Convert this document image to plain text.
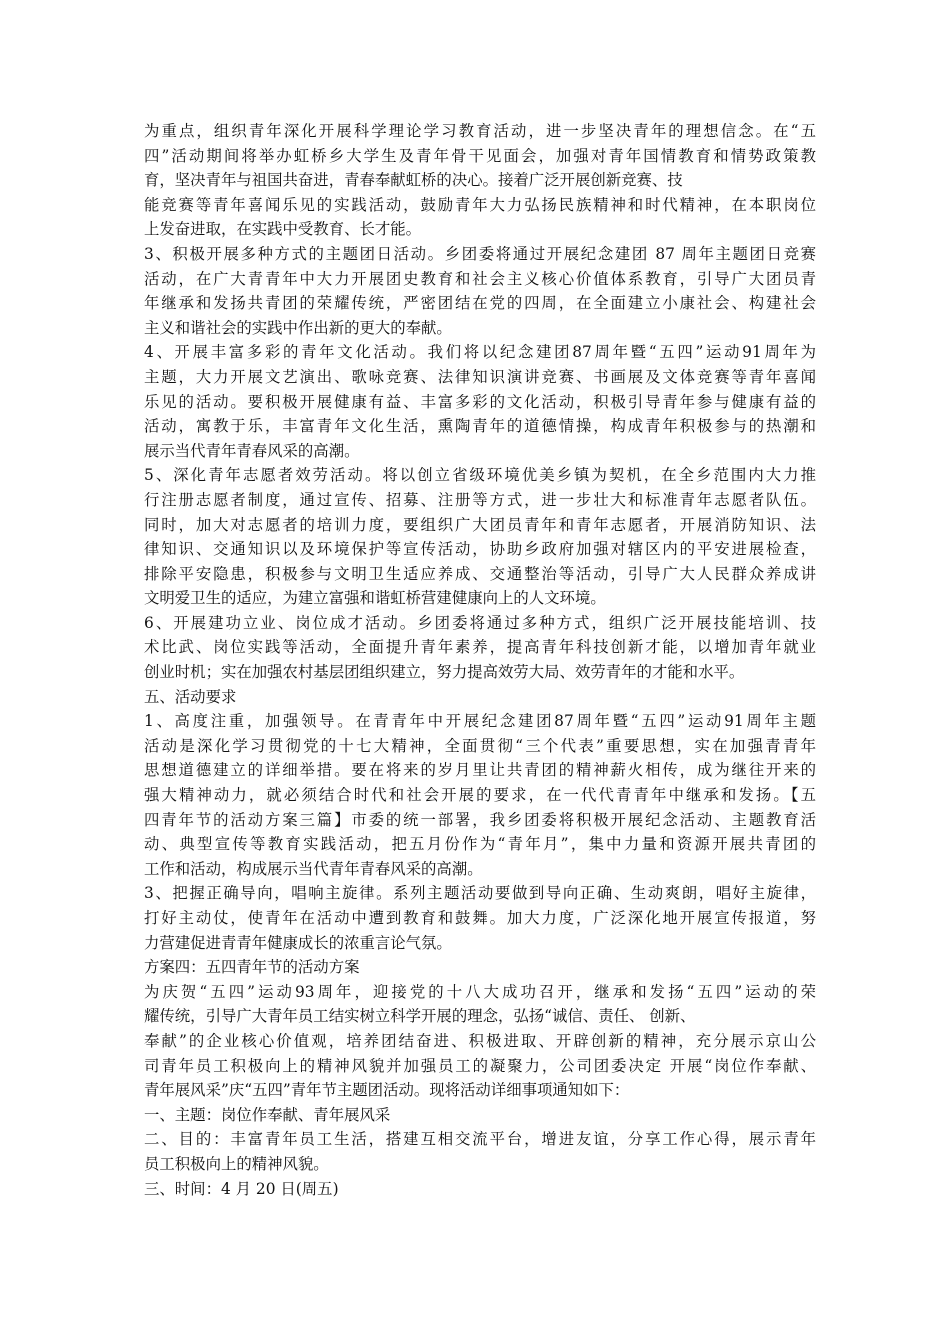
为重点，组织青年深化开展科学理论学习教育活动，进一步坚决青年的理想信念。在“五
四”活动期间将举办虹桥乡大学生及青年骨干见面会，加强对青年国情教育和情势政策教
育，坚决青年与祖国共奋进，青春奉献虹桥的决心。接着广泛开展创新竞赛、技
能竞赛等青年喜闻乐见的实践活动，鼓励青年大力弘扬民族精神和时代精神，在本职岗位
上发奋进取，在实践中受教育、长才能。
3、积极开展多种方式的主题团日活动。乡团委将通过开展纪念建团 87 周年主题团日竞赛
活动，在广大青青年中大力开展团史教育和社会主义核心价值体系教育，引导广大团员青
年继承和发扬共青团的荣耀传统，严密团结在党的四周，在全面建立小康社会、构建社会
主义和谐社会的实践中作出新的更大的奉献。
4、开展丰富多彩的青年文化活动。我们将以纪念建团87周年暨“五四”运动91周年为
主题，大力开展文艺演出、歌咏竞赛、法律知识演讲竞赛、书画展及文体竞赛等青年喜闻
乐见的活动。要积极开展健康有益、丰富多彩的文化活动，积极引导青年参与健康有益的
活动，寓教于乐，丰富青年文化生活，熏陶青年的道德情操，构成青年积极参与的热潮和
展示当代青年青春风采的高潮。
5、深化青年志愿者效劳活动。将以创立省级环境优美乡镇为契机，在全乡范围内大力推
行注册志愿者制度，通过宣传、招募、注册等方式，进一步壮大和标准青年志愿者队伍。
同时，加大对志愿者的培训力度，要组织广大团员青年和青年志愿者，开展消防知识、法
律知识、交通知识以及环境保护等宣传活动，协助乡政府加强对辖区内的平安进展检查，
排除平安隐患，积极参与文明卫生适应养成、交通整治等活动，引导广大人民群众养成讲
文明爱卫生的适应，为建立富强和谐虹桥营建健康向上的人文环境。
6、开展建功立业、岗位成才活动。乡团委将通过多种方式，组织广泛开展技能培训、技
术比武、岗位实践等活动，全面提升青年素养，提高青年科技创新才能，以增加青年就业
创业时机；实在加强农村基层团组织建立，努力提高效劳大局、效劳青年的才能和水平。
五、活动要求
1、高度注重，加强领导。在青青年中开展纪念建团87周年暨“五四”运动91周年主题
活动是深化学习贯彻党的十七大精神，全面贯彻“三个代表”重要思想，实在加强青青年
思想道德建立的详细举措。要在将来的岁月里让共青团的精神薪火相传，成为继往开来的
强大精神动力，就必须结合时代和社会开展的要求，在一代代青青年中继承和发扬。【五
四青年节的活动方案三篇】市委的统一部署，我乡团委将积极开展纪念活动、主题教育活
动、典型宣传等教育实践活动，把五月份作为“青年月”，集中力量和资源开展共青团的
工作和活动，构成展示当代青年青春风采的高潮。
3、把握正确导向，唱响主旋律。系列主题活动要做到导向正确、生动爽朗，唱好主旋律，
打好主动仗，使青年在活动中遭到教育和鼓舞。加大力度，广泛深化地开展宣传报道，努
力营建促进青青年健康成长的浓重言论气氛。
方案四：五四青年节的活动方案
为庆贺“五四”运动93周年，迎接党的十八大成功召开，继承和发扬“五四”运动的荣
耀传统，引导广大青年员工结实树立科学开展的理念，弘扬“诚信、责任、 创新、
奉献”的企业核心价值观，培养团结奋进、积极进取、开辟创新的精神，充分展示京山公
司青年员工积极向上的精神风貌并加强员工的凝聚力，公司团委决定 开展“岗位作奉献、
青年展风采”庆“五四”青年节主题团活动。现将活动详细事项通知如下：
一、主题：岗位作奉献、青年展风采
二、目的：丰富青年员工生活，搭建互相交流平台，增进友谊，分享工作心得，展示青年
员工积极向上的精神风貌。
三、时间：4 月 20 日(周五)
